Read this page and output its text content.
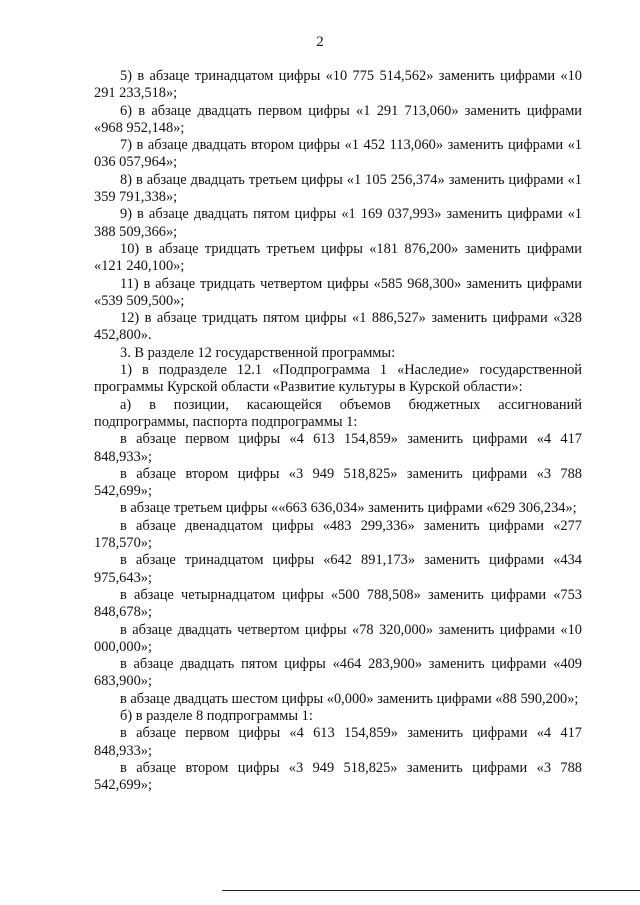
2

5) в абзаце тринадцатом цифры «10 775 514,562» заменить цифрами «10 291 233,518»;

6) в абзаце двадцать первом цифры «1 291 713,060» заменить цифрами «968 952,148»;

7) в абзаце двадцать втором цифры «1 452 113,060» заменить цифрами «1 036 057,964»;

8) в абзаце двадцать третьем цифры «1 105 256,374» заменить цифрами «1 359 791,338»;

9) в абзаце двадцать пятом цифры «1 169 037,993» заменить цифрами «1 388 509,366»;

10) в абзаце тридцать третьем цифры «181 876,200» заменить цифрами «121 240,100»;

11) в абзаце тридцать четвертом цифры «585 968,300» заменить цифрами «539 509,500»;

12) в абзаце тридцать пятом цифры «1 886,527» заменить цифрами «328 452,800».

3. В разделе 12 государственной программы:

1) в подразделе 12.1 «Подпрограмма 1 «Наследие» государственной программы Курской области «Развитие культуры в Курской области»:

а) в позиции, касающейся объемов бюджетных ассигнований подпрограммы, паспорта подпрограммы 1:

в абзаце первом цифры «4 613 154,859» заменить цифрами «4 417 848,933»;

в абзаце втором цифры «3 949 518,825» заменить цифрами «3 788 542,699»;

в абзаце третьем цифры ««663 636,034» заменить цифрами «629 306,234»;

в абзаце двенадцатом цифры «483 299,336» заменить цифрами «277 178,570»;

в абзаце тринадцатом цифры «642 891,173» заменить цифрами «434 975,643»;

в абзаце четырнадцатом цифры «500 788,508» заменить цифрами «753 848,678»;

в абзаце двадцать четвертом цифры «78 320,000» заменить цифрами «10 000,000»;

в абзаце двадцать пятом цифры «464 283,900» заменить цифрами «409 683,900»;

в абзаце двадцать шестом цифры «0,000» заменить цифрами «88 590,200»;

б) в разделе 8 подпрограммы 1:

в абзаце первом цифры «4 613 154,859» заменить цифрами «4 417 848,933»;

в абзаце втором цифры «3 949 518,825» заменить цифрами «3 788 542,699»;
